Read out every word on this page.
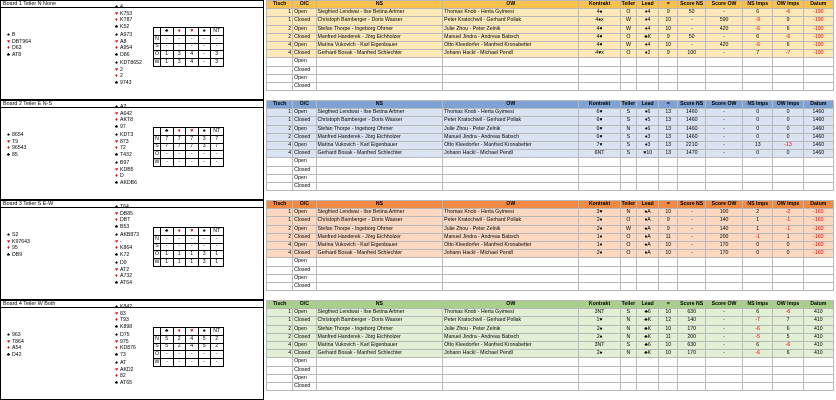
Board 1 Teiler N None	♠ 4
♥ K753
♦ KT87
♣ K52
♠ B
♥ DBT964
♦ D63
♣ AT8
♠ A973
♥ A8
♦ A954
♣ D86
♠ KDT8652
♥ 2
♦ 2
♣ 9743
	♣	♦	♥	♠	NT
N	-	-	-	-	-
S	-	-	-	-	-
O	1	3	4	-	3
W	1	3	4	-	3
Board 2 Teiler E N-S	♠ A2
♥ A642
♦ AKT8
♣ 97
♠ 8654
♥ T9
♦ 96543
♣ 85
♠ KDT3
♥ 873
♦ 72
♣ T432
♠ B97
♥ KDB5
♦ D
♣ AKDB6
	♣	♦	♥	♠	NT
N	7	7	7	3	7
S	7	7	7	3	7
O	-	-	-	-	-
W	-	-	-	-	-
Board 3 Teiler S E-W	♠ T64
♥ DB85
♦ DBT
♣ B53
♠ S2
♥ K97643
♦ 95
♣ DB9
♠ AKB873
♥ -
♦ K864
♣ K72
♠ D9
♥ AT2
♦ A732
♣ AT64
	♣	♦	♥	♠	NT
N	-	-	-	-	-
S	-	-	-	-	-
O	1	1	1	3	1
W	1	1	1	3	1
Board 4 Teiler W Both	♠ K842
♥ 83
♦ T93
♣ K898
♠ 963
♥ T864
♦ A54
♣ D42
♠ D75
♥ 975
♦ KD876
♣ 73
♠ AT
♥ AKD2
♦ 82
♣ AT65
	♣	♦	♥	♠	NT
N	5	2	4	5	2
S	5	2	4	5	2
O	-	-	-	-	-
W	-	-	-	-	-
Tisch	O/C	NS	OW	Kontrakt	Teiler	Lead	=	Score NS	Score OW	NS Imps	OW Imps	Datum
1	Open	Siegfried Lendwai - Ilse Betina Artmer	Thomas Knob - Herta Gyimesi	4♠	O	♦4	9	50	-	6	-6	-190
1	Closed	Christoph Bamberger - Doris Wasser	Peter Kratochwil - Gerhard Pollak	4♠x	W	♦4	10	-	590	-9	9	-190
2	Open	Stefan Thorpe - Ingeborg Ohrner	Julie Zhou - Peter Zelnik	4♥	W	♦4	10	-	420	-6	6	-190
2	Closed	Manfred Handerek - Jörg Eichholzer	Manuel Jindra - Andreas Babsch	4♥	O	♣K	9	50	-	6	-6	-190
4	Open	Marina Vukovich - Karl Eigenbauer	Otto Kleedorfer - Manfred Kronabetter	4♥	W	♦4	10	-	420	-6	6	-190
4	Closed	Gerhard Bosak - Manfred Schlechter	Johann Hackl - Michael Pendl	4♥x	O	♦2	9	100	-	7	-7	-190
	Open											
	Closed											
	Open											
	Closed											
Tisch	O/C	NS	OW	Kontrakt	Teiler	Lead	=	Score NS	Score OW	NS Imps	OW Imps	Datum
1	Open	Siegfried Lendwai - Ilse Betina Artmer	Thomas Knob - Herta Gyimesi	6♥	S	♦6	13	1460	-	0	0	1460
1	Closed	Christoph Bamberger - Doris Wasser	Peter Kratochwil - Gerhard Pollak	6♥	S	♦5	13	1460	-	0	0	1460
2	Open	Stefan Thorpe - Ingeborg Ohrner	Julie Zhou - Peter Zelnik	6♥	N	♦6	13	1460	-	0	0	1460
2	Closed	Manfred Handerek - Jörg Eichholzer	Manuel Jindra - Andreas Babsch	6♥	S	♦3	13	1460	-	0	0	1460
4	Open	Marina Vukovich - Karl Eigenbauer	Otto Kleedorfer - Manfred Kronabetter	7♥	S	♦3	13	2210	-	13	-13	1460
4	Closed	Gerhard Bosak - Manfred Schlechter	Johann Hackl - Michael Pendl	6NT	S	♥10	13	1470	-	0	0	1460
	Open											
	Closed											
	Open											
	Closed											
Tisch	O/C	NS	OW	Kontrakt	Teiler	Lead	=	Score NS	Score OW	NS Imps	OW Imps	Datum
1	Open	Siegfried Lendwai - Ilse Betina Artmer	Thomas Knob - Herta Gyimesi	3♥	N	♠A	10	-	100	2	-2	-160
1	Closed	Christoph Bamberger - Doris Wasser	Peter Kratochwil - Gerhard Pollak	2♦	O	♦A	9	-	140	1	-1	-160
2	Open	Stefan Thorpe - Ingeborg Ohrner	Julie Zhou - Peter Zelnik	2♦	W	♠A	9	-	140	1	-1	-160
2	Closed	Manfred Handerek - Jörg Eichholzer	Manuel Jindra - Andreas Babsch	1♦	O	♦A	11	-	200	-1	1	-160
4	Open	Marina Vukovich - Karl Eigenbauer	Otto Kleedorfer - Manfred Kronabetter	1♦	O	♠A	10	-	170	0	0	-160
4	Closed	Gerhard Bosak - Manfred Schlechter	Johann Hackl - Michael Pendl	2♦	O	♦A	10	-	170	0	0	-160
	Open											
	Closed											
	Open											
	Closed											
Tisch	O/C	NS	OW	Kontrakt	Teiler	Lead	=	Score NS	Score OW	NS Imps	OW Imps	Datum
1	Open	Siegfried Lendwai - Ilse Betina Artmer	Thomas Knob - Herta Gyimesi	3NT	S	♣6	10	630	-	6	-6	410
1	Closed	Christoph Bamberger - Doris Wasser	Peter Kratochwil - Gerhard Pollak	1♥	N	♣K	12	140	-	-7	7	410
2	Open	Stefan Thorpe - Ingeborg Ohrner	Julie Zhou - Peter Zelnik	2♠	N	♣K	10	170	-	-6	6	410
2	Closed	Manfred Handerek - Jörg Eichholzer	Manuel Jindra - Andreas Babsch	2♠	N	♣K	11	200	-	-5	5	410
4	Open	Marina Vukovich - Karl Eigenbauer	Otto Kleedorfer - Manfred Kronabetter	3NT	S	♣6	10	630	-	6	-6	410
4	Closed	Gerhard Bosak - Manfred Schlechter	Johann Hackl - Michael Pendl	2♠	N	♣K	10	170	-	-6	6	410
	Open											
	Closed											
	Open											
	Closed											
